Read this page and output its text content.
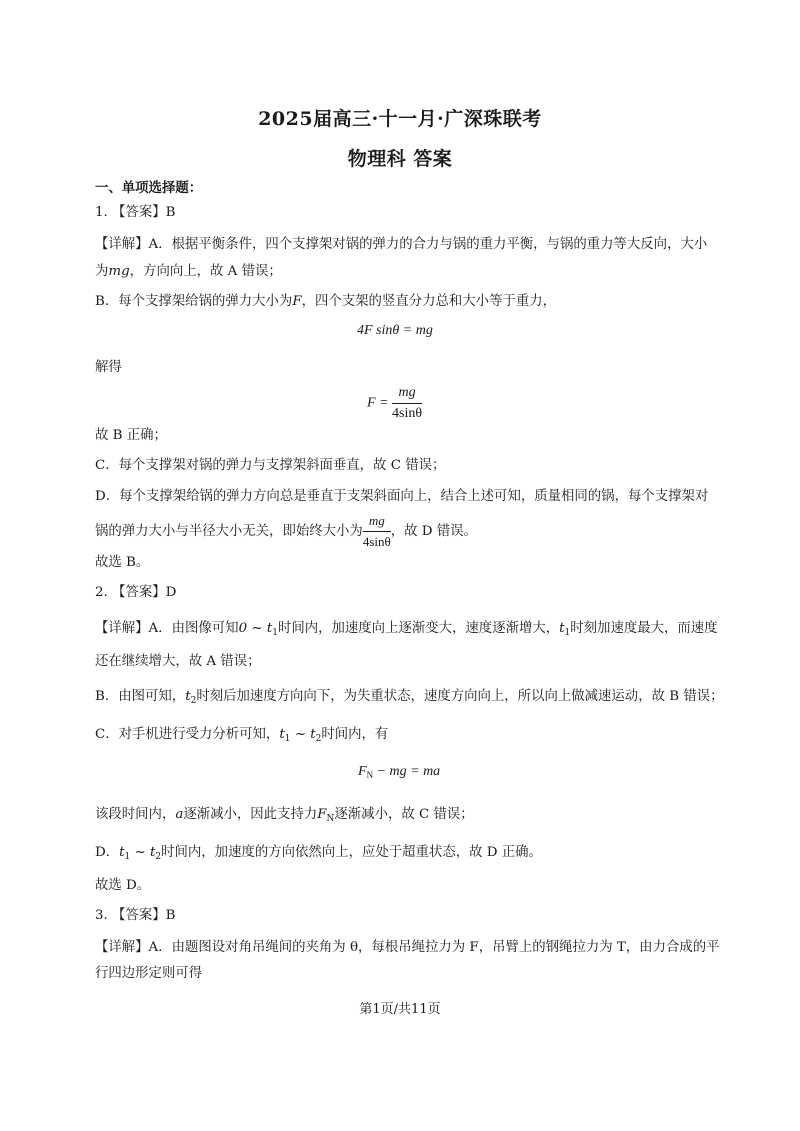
2025届高三·十一月·广深珠联考
物理科 答案
一、单项选择题：
1. 【答案】B
【详解】A．根据平衡条件，四个支撑架对锅的弹力的合力与锅的重力平衡，与锅的重力等大反向，大小
为mg，方向向上，故 A 错误；
B．每个支撑架给锅的弹力大小为F，四个支架的竖直分力总和大小等于重力，
4F sinθ = mg
解得
$F = \frac{mg}{4\sin\theta}$
故 B 正确；
C．每个支撑架对锅的弹力与支撑架斜面垂直，故 C 错误；
D．每个支撑架给锅的弹力方向总是垂直于支架斜面向上，结合上述可知，质量相同的锅，每个支撑架对
锅的弹力大小与半径大小无关，即始终大小为 $\frac{mg}{4\sin\theta}$ ，故 D 错误。
故选 B。
2. 【答案】D
【详解】A．由图像可知0 ~ $t_1$时间内，加速度向上逐渐变大，速度逐渐增大，$t_1$时刻加速度最大，而速度
还在继续增大，故 A 错误；
B．由图可知，$t_2$时刻后加速度方向向下，为失重状态，速度方向向上，所以向上做减速运动，故 B 错误；
C．对手机进行受力分析可知，$t_1$ ~ $t_2$时间内，有
$F_N$ − mg = ma
该段时间内，a逐渐减小，因此支持力$F_N$逐渐减小，故 C 错误；
D．$t_1$ ~ $t_2$时间内，加速度的方向依然向上，应处于超重状态，故 D 正确。
故选 D。
3. 【答案】B
【详解】A．由题图设对角吊绳间的夹角为 θ，每根吊绳拉力为 F，吊臂上的钢绳拉力为 T，由力合成的平
行四边形定则可得
第1页/共11页
